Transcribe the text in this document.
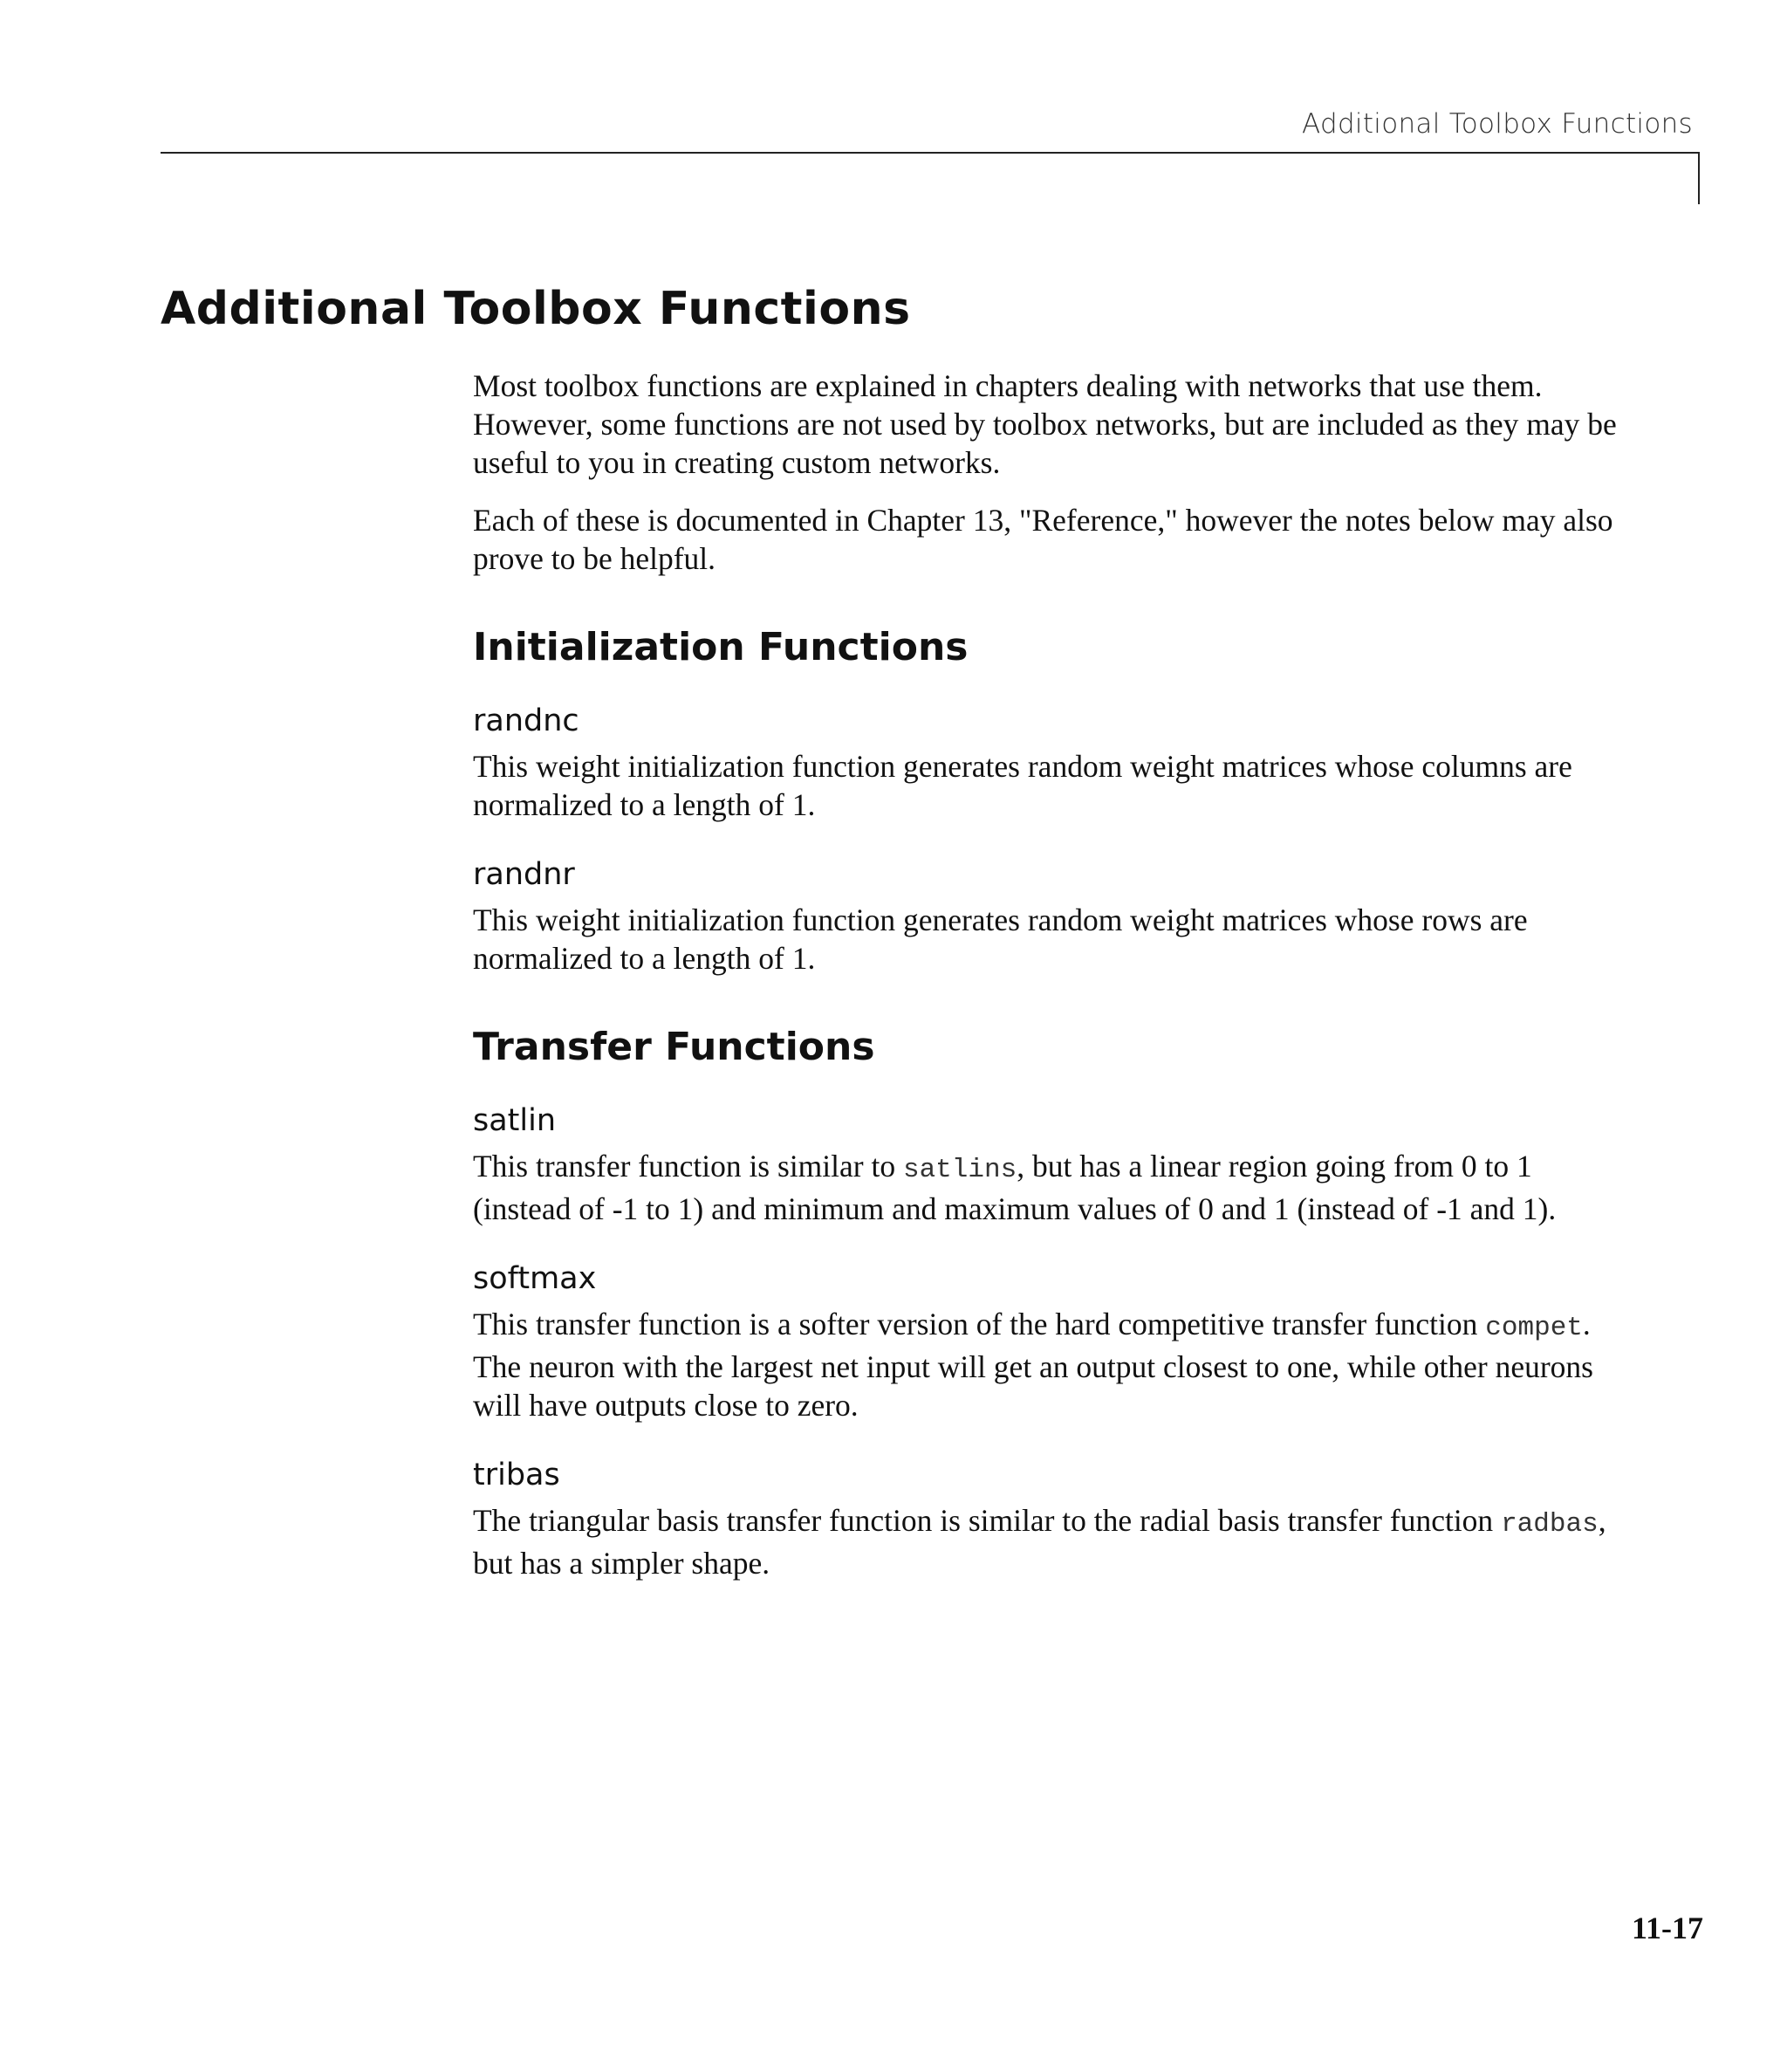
Additional Toolbox Functions
Additional Toolbox Functions

Most toolbox functions are explained in chapters dealing with networks that use them. However, some functions are not used by toolbox networks, but are included as they may be useful to you in creating custom networks.

Each of these is documented in Chapter 13, "Reference," however the notes below may also prove to be helpful.

Initialization Functions
randnc

This weight initialization function generates random weight matrices whose columns are normalized to a length of 1.

randnr

This weight initialization function generates random weight matrices whose rows are normalized to a length of 1.

Transfer Functions
satlin

This transfer function is similar to satlins, but has a linear region going from 0 to 1 (instead of -1 to 1) and minimum and maximum values of 0 and 1 (instead of -1 and 1).

softmax

This transfer function is a softer version of the hard competitive transfer function compet. The neuron with the largest net input will get an output closest to one, while other neurons will have outputs close to zero.

tribas

The triangular basis transfer function is similar to the radial basis transfer function radbas, but has a simpler shape.

11-17
